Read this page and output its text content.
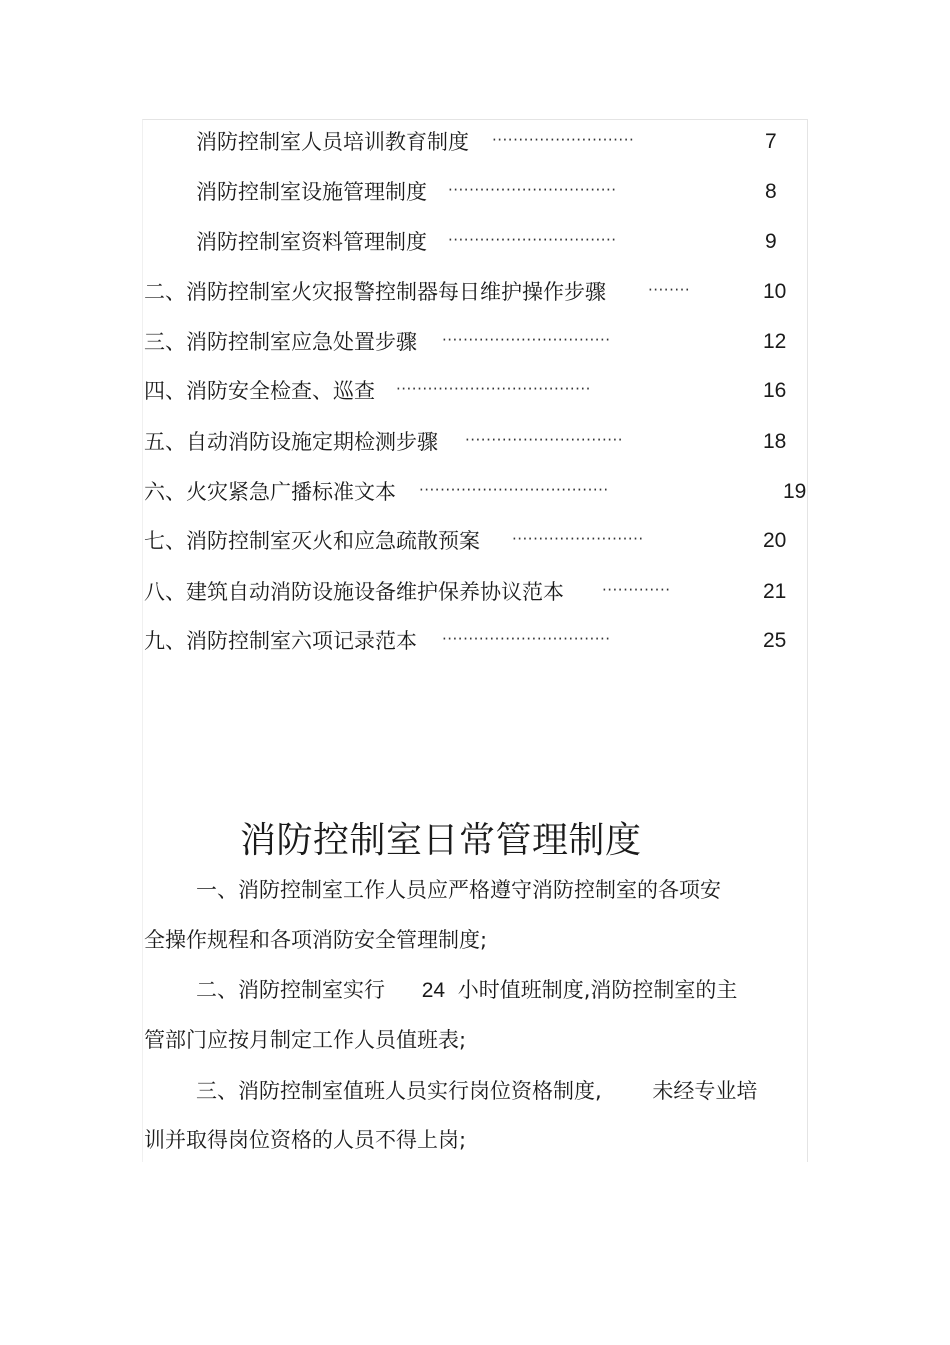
消防控制室人员培训教育制度 ···························	7
消防控制室设施管理制度 ································	8
消防控制室资料管理制度 ································	9
二、消防控制室火灾报警控制器每日维护操作步骤	········	10
三、消防控制室应急处置步骤 ································	12
四、消防安全检查、巡查 ·····································	16
五、自动消防设施定期检测步骤 ······························	18
六、火灾紧急广播标准文本 ····································	19
七、消防控制室灭火和应急疏散预案 ·························	20
八、建筑自动消防设施设备维护保养协议范本	·············	21
九、消防控制室六项记录范本 ································	25
消防控制室日常管理制度
一、消防控制室工作人员应严格遵守消防控制室的各项安
全操作规程和各项消防安全管理制度;
二、消防控制室实行 24 小时值班制度,消防控制室的主
管部门应按月制定工作人员值班表;
三、消防控制室值班人员实行岗位资格制度, 未经专业培
训并取得岗位资格的人员不得上岗;
